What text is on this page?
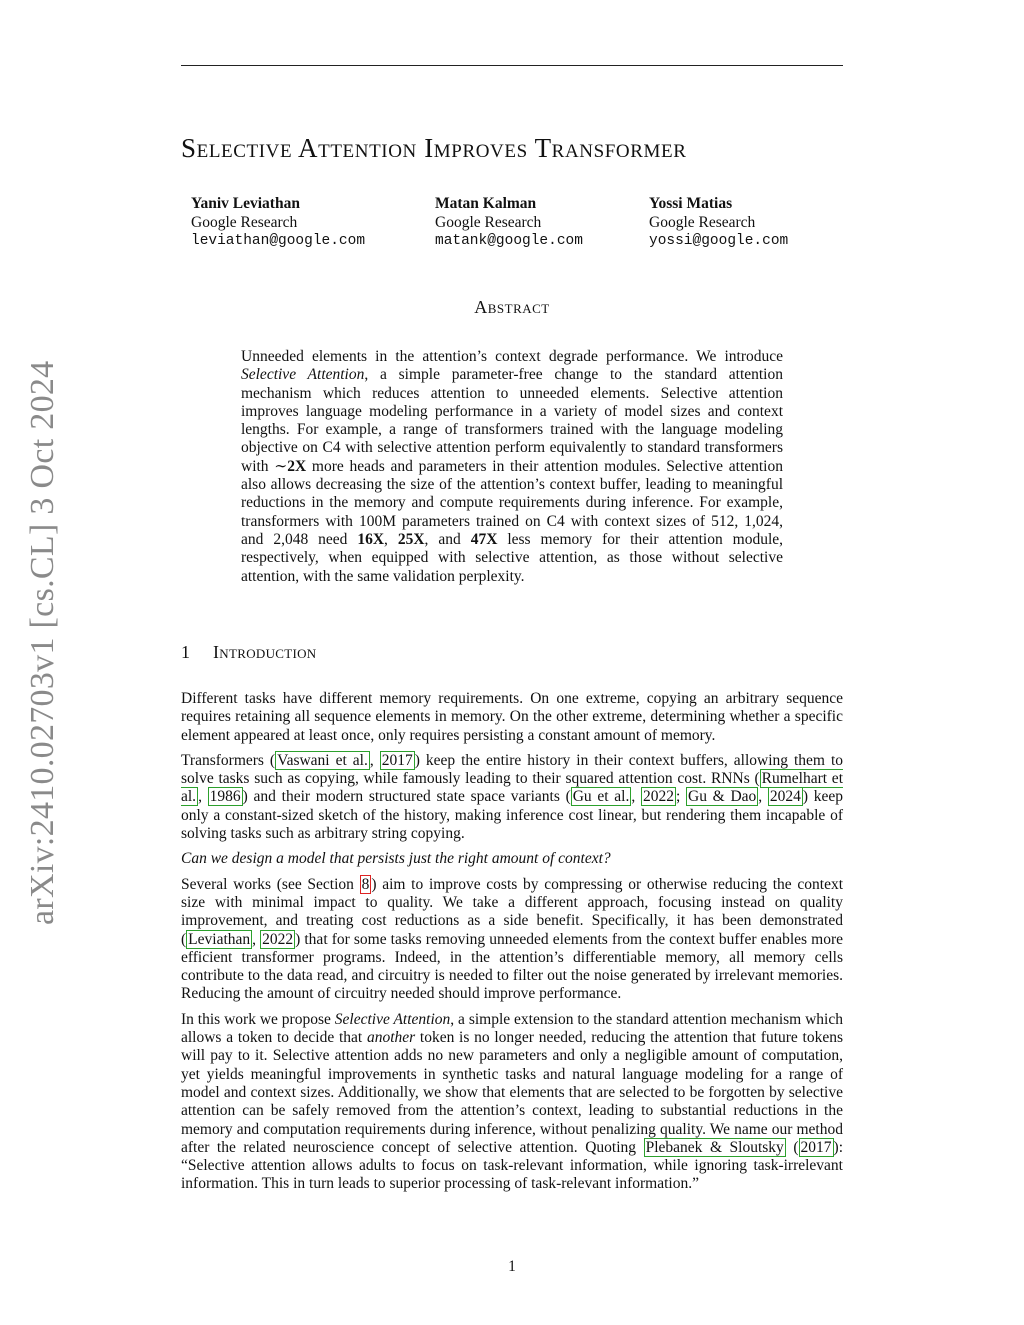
Selective Attention Improves Transformer
Yaniv Leviathan
Google Research
leviathan@google.com
Matan Kalman
Google Research
matank@google.com
Yossi Matias
Google Research
yossi@google.com
Abstract
Unneeded elements in the attention’s context degrade performance. We introduce Selective Attention, a simple parameter-free change to the standard attention mechanism which reduces attention to unneeded elements. Selective attention improves language modeling performance in a variety of model sizes and context lengths. For example, a range of transformers trained with the language modeling objective on C4 with selective attention perform equivalently to standard transformers with ∼2X more heads and parameters in their attention modules. Selective attention also allows decreasing the size of the attention’s context buffer, leading to meaningful reductions in the memory and compute requirements during inference. For example, transformers with 100M parameters trained on C4 with context sizes of 512, 1,024, and 2,048 need 16X, 25X, and 47X less memory for their attention module, respectively, when equipped with selective attention, as those without selective attention, with the same validation perplexity.
1 Introduction

Different tasks have different memory requirements. On one extreme, copying an arbitrary sequence requires retaining all sequence elements in memory. On the other extreme, determining whether a specific element appeared at least once, only requires persisting a constant amount of memory.

Transformers ( Vaswani et al. , 2017 ) keep the entire history in their context buffers, allowing them to solve tasks such as copying, while famously leading to their squared attention cost. RNNs ( Rumelhart et al. , 1986 ) and their modern structured state space variants ( Gu et al. , 2022 ; Gu & Dao , 2024 ) keep only a constant-sized sketch of the history, making inference cost linear, but rendering them incapable of solving tasks such as arbitrary string copying.

Can we design a model that persists just the right amount of context?

Several works (see Section 8 ) aim to improve costs by compressing or otherwise reducing the context size with minimal impact to quality. We take a different approach, focusing instead on quality improvement, and treating cost reductions as a side benefit. Specifically, it has been demonstrated ( Leviathan , 2022 ) that for some tasks removing unneeded elements from the context buffer enables more efficient transformer programs. Indeed, in the attention’s differentiable memory, all memory cells contribute to the data read, and circuitry is needed to filter out the noise generated by irrelevant memories. Reducing the amount of circuitry needed should improve performance.

In this work we propose Selective Attention, a simple extension to the standard attention mechanism which allows a token to decide that another token is no longer needed, reducing the attention that future tokens will pay to it. Selective attention adds no new parameters and only a negligible amount of computation, yet yields meaningful improvements in synthetic tasks and natural language modeling for a range of model and context sizes. Additionally, we show that elements that are selected to be forgotten by selective attention can be safely removed from the attention’s context, leading to substantial reductions in the memory and computation requirements during inference, without penalizing quality. We name our method after the related neuroscience concept of selective attention. Quoting Plebanek & Sloutsky ( 2017 ): “Selective attention allows adults to focus on task-relevant information, while ignoring task-irrelevant information. This in turn leads to superior processing of task-relevant information.”

1
arXiv:2410.02703v1 [cs.CL] 3 Oct 2024
